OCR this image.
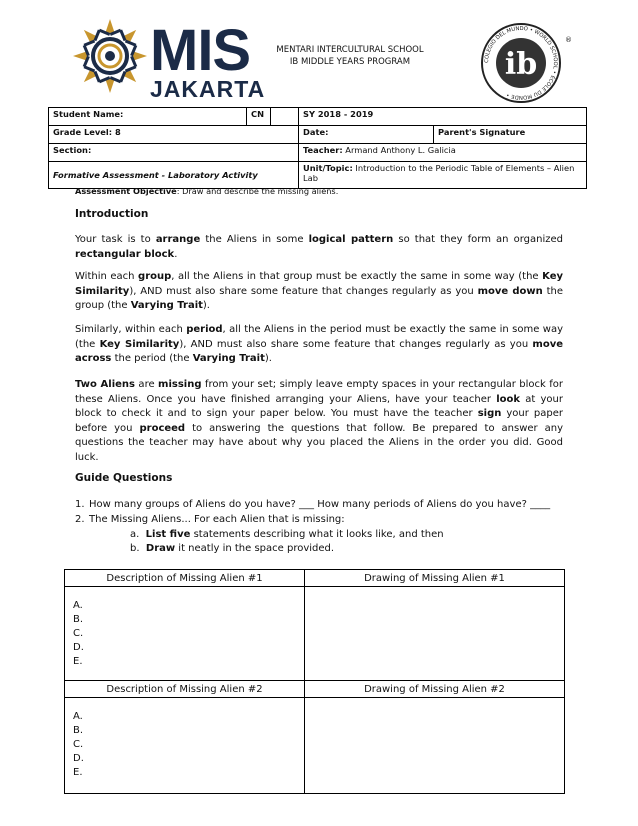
MIS
JAKARTA
MENTARI INTERCULTURAL SCHOOL
IB MIDDLE YEARS PROGRAM	COLEGIO DEL MUNDO • WORLD SCHOOL • ÉCOLE DU MONDE •
ib
®
Student Name:	CN		SY 2018 - 2019	
Grade Level: 8			Date:	Parent's Signature
Section:			Teacher: Armand Anthony L. Galicia	
Formative Assessment - Laboratory Activity			Unit/Topic: Introduction to the Periodic Table of Elements – Alien Lab	
Assessment Objective: Draw and describe the missing aliens.
Introduction
Your task is to arrange the Aliens in some logical pattern so that they form an organized rectangular block.
Within each group, all the Aliens in that group must be exactly the same in some way (the Key Similarity), AND must also share some feature that changes regularly as you move down the group (the Varying Trait).
Similarly, within each period, all the Aliens in the period must be exactly the same in some way (the Key Similarity), AND must also share some feature that changes regularly as you move across the period (the Varying Trait).
Two Aliens are missing from your set; simply leave empty spaces in your rectangular block for these Aliens. Once you have finished arranging your Aliens, have your teacher look at your block to check it and to sign your paper below. You must have the teacher sign your paper before you proceed to answering the questions that follow. Be prepared to answer any questions the teacher may have about why you placed the Aliens in the order you did. Good luck.
Guide Questions
1. How many groups of Aliens do you have? ___ How many periods of Aliens do you have? ____
2. The Missing Aliens... For each Alien that is missing:
a.  List five statements describing what it looks like, and then
b.  Draw it neatly in the space provided.
Description of Missing Alien #1	Drawing of Missing Alien #1

A.
B.
C.
D.
E.	

Description of Missing Alien #2	Drawing of Missing Alien #2

A.
B.
C.
D.
E.	
